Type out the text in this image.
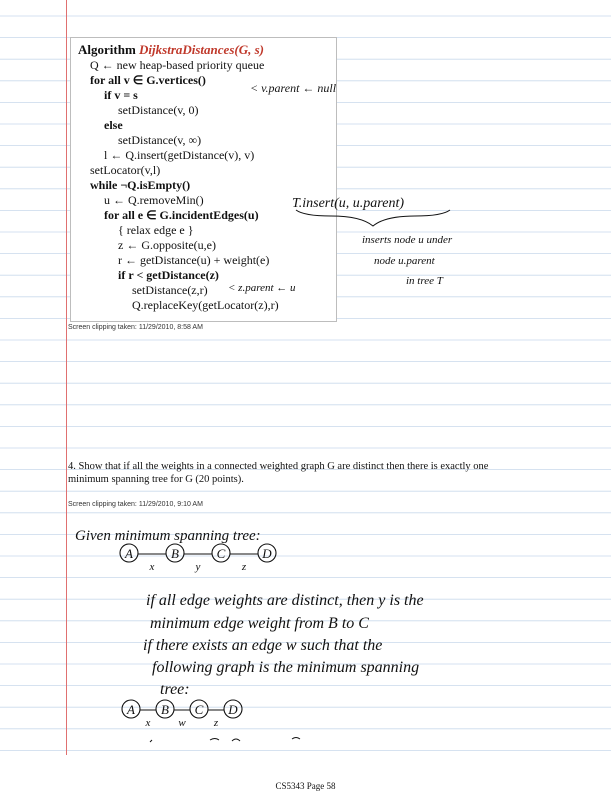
Algorithm DijkstraDistances(G, s)
Q ← new heap-based priority queue
for all v ∈ G.vertices()
if v = s
setDistance(v, 0)
else
setDistance(v, ∞)
l ← Q.insert(getDistance(v), v)
setLocator(v,l)
while ¬Q.isEmpty()
u ← Q.removeMin()
for all e ∈ G.incidentEdges(u)
{ relax edge e }
z ← G.opposite(u,e)
r ← getDistance(u) + weight(e)
if r < getDistance(z)
setDistance(z,r)
Q.replaceKey(getLocator(z),r)
Screen clipping taken: 11/29/2010, 8:58 AM
4. Show that if all the weights in a connected weighted graph G are distinct then there is exactly one minimum spanning tree for G (20 points).
Screen clipping taken: 11/29/2010, 9:10 AM
< v.parent ← null
T.insert(u, u.parent)
inserts node u under
node u.parent
in tree T
< z.parent ← u
Given minimum spanning tree:
A
x
B
y
C
z
D
if all edge weights are distinct, then y is the
minimum edge weight from B to C
if there exists an edge w such that the
following graph is the minimum spanning
tree:
A
x
B
w
C
z
D
CS5343 Page 58
